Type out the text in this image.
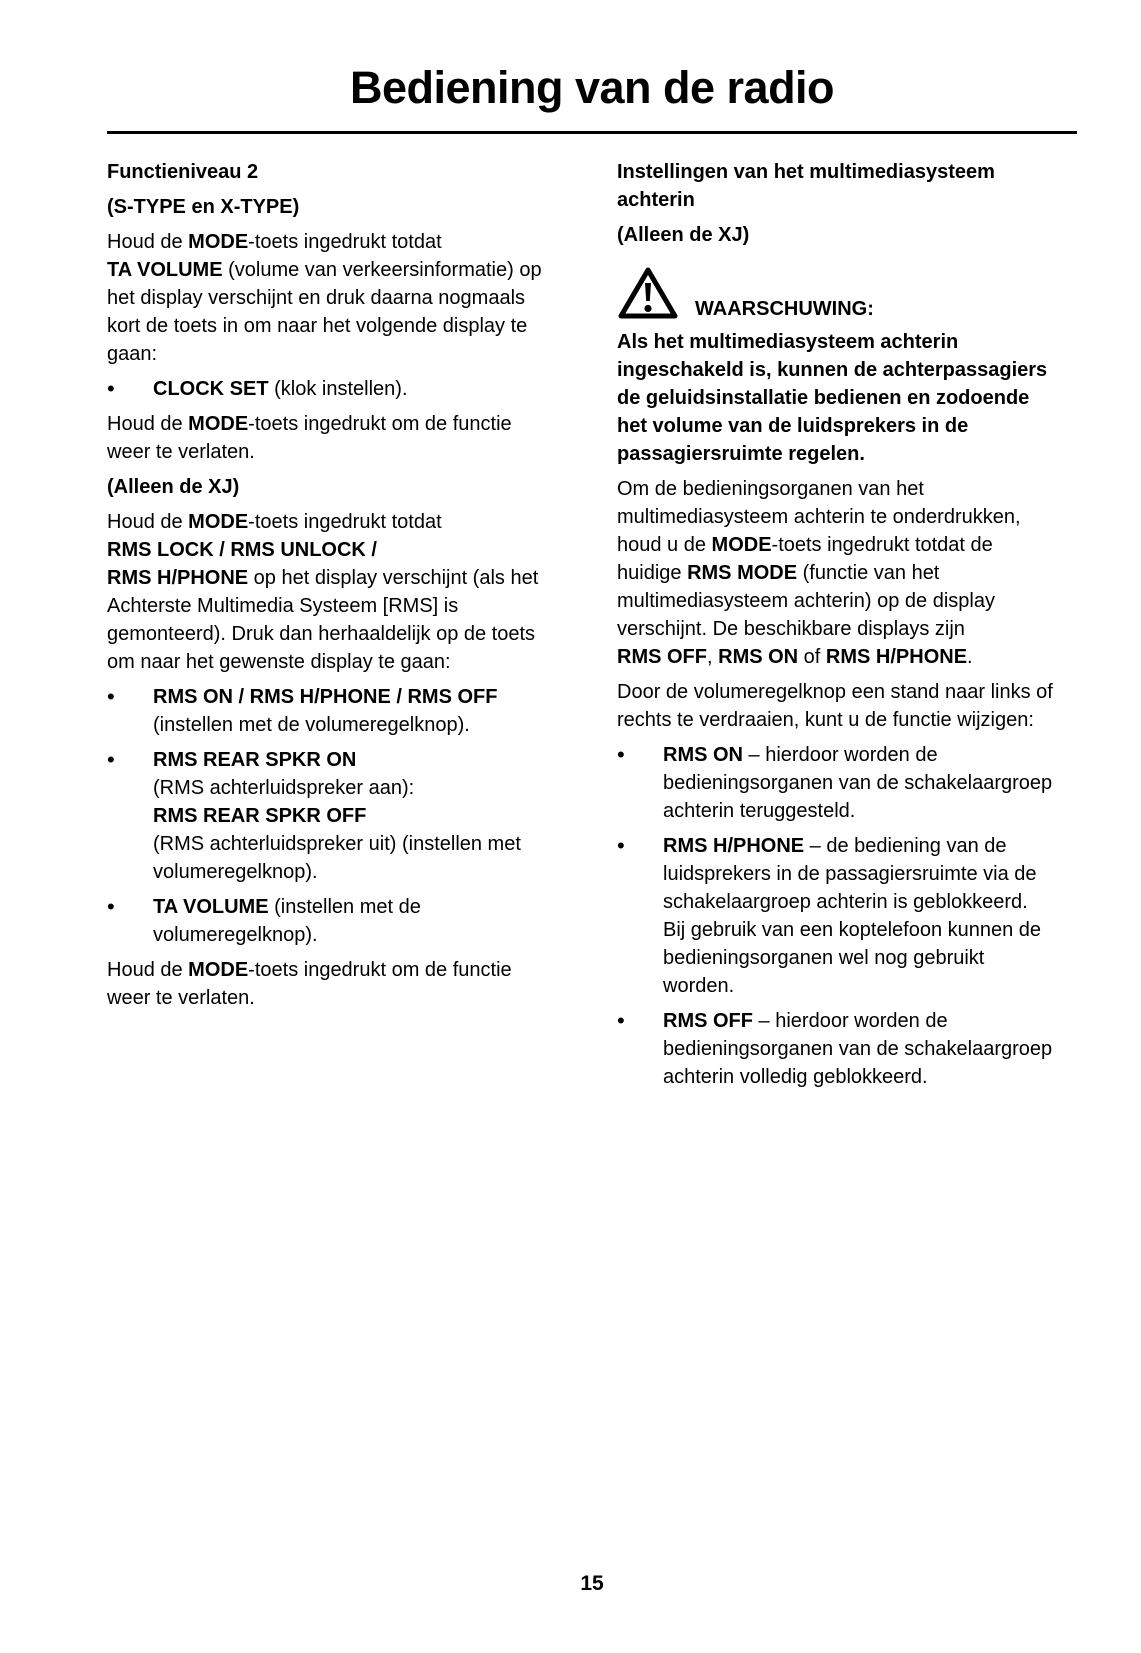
Bediening van de radio
Functieniveau 2
(S-TYPE en X-TYPE)

Houd de MODE-toets ingedrukt totdat
TA VOLUME (volume van verkeersinformatie) op het display verschijnt en druk daarna nogmaals kort de toets in om naar het volgende display te gaan:

•	CLOCK SET (klok instellen).

Houd de MODE-toets ingedrukt om de functie weer te verlaten.

(Alleen de XJ)

Houd de MODE-toets ingedrukt totdat
RMS LOCK / RMS UNLOCK /
RMS H/PHONE op het display verschijnt (als het Achterste Multimedia Systeem [RMS] is gemonteerd). Druk dan herhaaldelijk op de toets om naar het gewenste display te gaan:

•	RMS ON / RMS H/PHONE / RMS OFF
(instellen met de volumeregelknop).
•	RMS REAR SPKR ON
(RMS achterluidspreker aan):
RMS REAR SPKR OFF
(RMS achterluidspreker uit) (instellen met volumeregelknop).
•	TA VOLUME (instellen met de volumeregelknop).

Houd de MODE-toets ingedrukt om de functie weer te verlaten.

Instellingen van het multimediasysteem achterin
(Alleen de XJ)
WAARSCHUWING:

Als het multimediasysteem achterin ingeschakeld is, kunnen de achterpassagiers de geluidsinstallatie bedienen en zodoende het volume van de luidsprekers in de passagiersruimte regelen.

Om de bedieningsorganen van het multimediasysteem achterin te onderdrukken, houd u de MODE-toets ingedrukt totdat de huidige RMS MODE (functie van het multimediasysteem achterin) op de display verschijnt. De beschikbare displays zijn
RMS OFF, RMS ON of RMS H/PHONE.

Door de volumeregelknop een stand naar links of rechts te verdraaien, kunt u de functie wijzigen:

•	RMS ON – hierdoor worden de bedieningsorganen van de schakelaargroep achterin teruggesteld.
•	RMS H/PHONE – de bediening van de luidsprekers in de passagiersruimte via de schakelaargroep achterin is geblokkeerd. Bij gebruik van een koptelefoon kunnen de bedieningsorganen wel nog gebruikt worden.
•	RMS OFF – hierdoor worden de bedieningsorganen van de schakelaargroep achterin volledig geblokkeerd.
15
